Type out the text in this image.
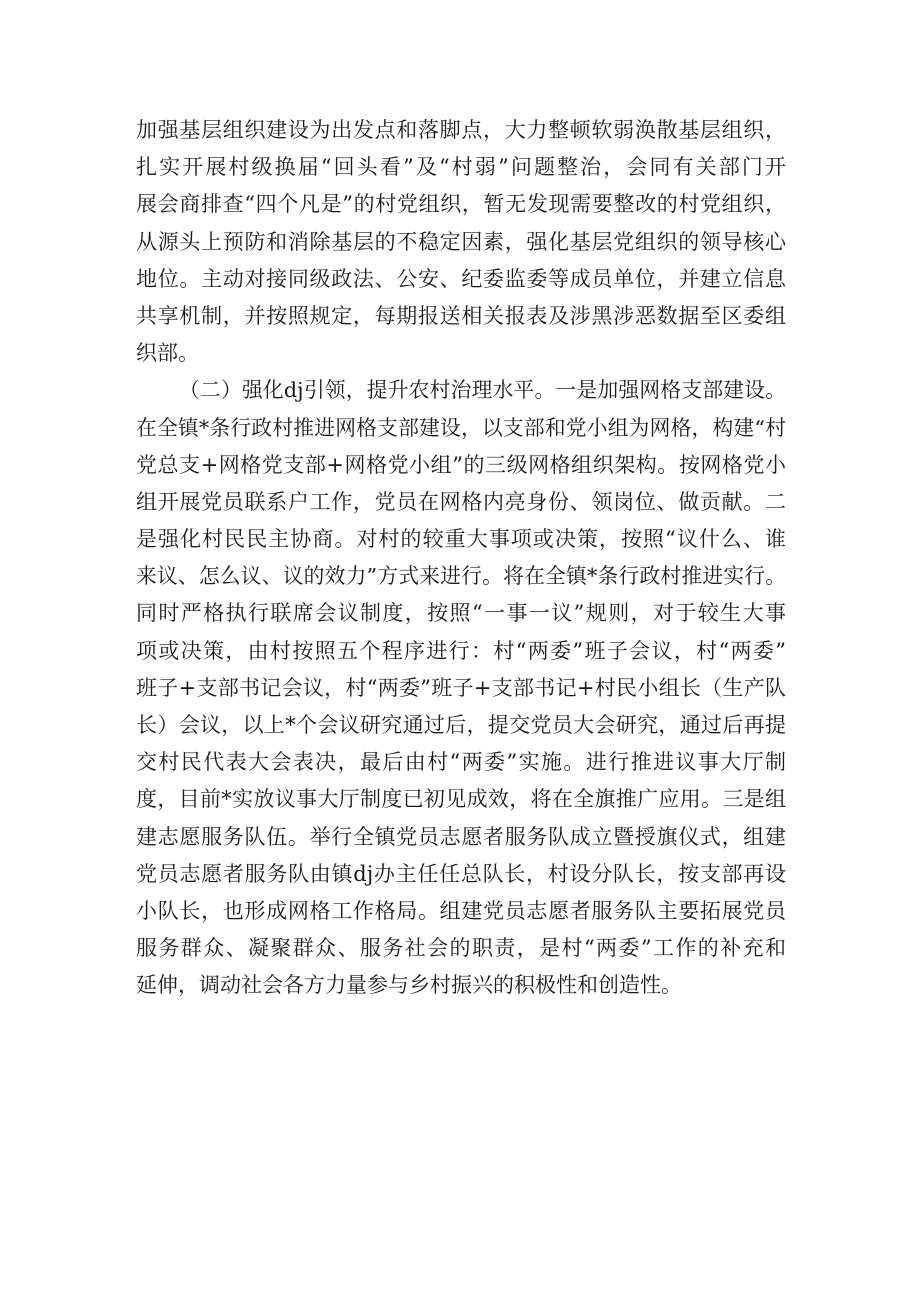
加强基层组织建设为出发点和落脚点，大力整顿软弱涣散基层组织，
扎实开展村级换届“回头看”及“村弱”问题整治，会同有关部门开
展会商排查“四个凡是”的村党组织，暂无发现需要整改的村党组织，
从源头上预防和消除基层的不稳定因素，强化基层党组织的领导核心
地位。主动对接同级政法、公安、纪委监委等成员单位，并建立信息
共享机制，并按照规定，每期报送相关报表及涉黑涉恶数据至区委组
织部。
（二）强化dj引领，提升农村治理水平。一是加强网格支部建设。
在全镇*条行政村推进网格支部建设，以支部和党小组为网格，构建“村
党总支+网格党支部+网格党小组”的三级网格组织架构。按网格党小
组开展党员联系户工作，党员在网格内亮身份、领岗位、做贡献。二
是强化村民民主协商。对村的较重大事项或决策，按照“议什么、谁
来议、怎么议、议的效力”方式来进行。将在全镇*条行政村推进实行。
同时严格执行联席会议制度，按照“一事一议”规则，对于较生大事
项或决策，由村按照五个程序进行：村“两委”班子会议，村“两委”
班子+支部书记会议，村“两委”班子+支部书记+村民小组长（生产队
长）会议，以上*个会议研究通过后，提交党员大会研究，通过后再提
交村民代表大会表决，最后由村“两委”实施。进行推进议事大厅制
度，目前*实放议事大厅制度已初见成效，将在全旗推广应用。三是组
建志愿服务队伍。举行全镇党员志愿者服务队成立暨授旗仪式，组建
党员志愿者服务队由镇dj办主任任总队长，村设分队长，按支部再设
小队长，也形成网格工作格局。组建党员志愿者服务队主要拓展党员
服务群众、凝聚群众、服务社会的职责，是村“两委”工作的补充和
延伸，调动社会各方力量参与乡村振兴的积极性和创造性。
